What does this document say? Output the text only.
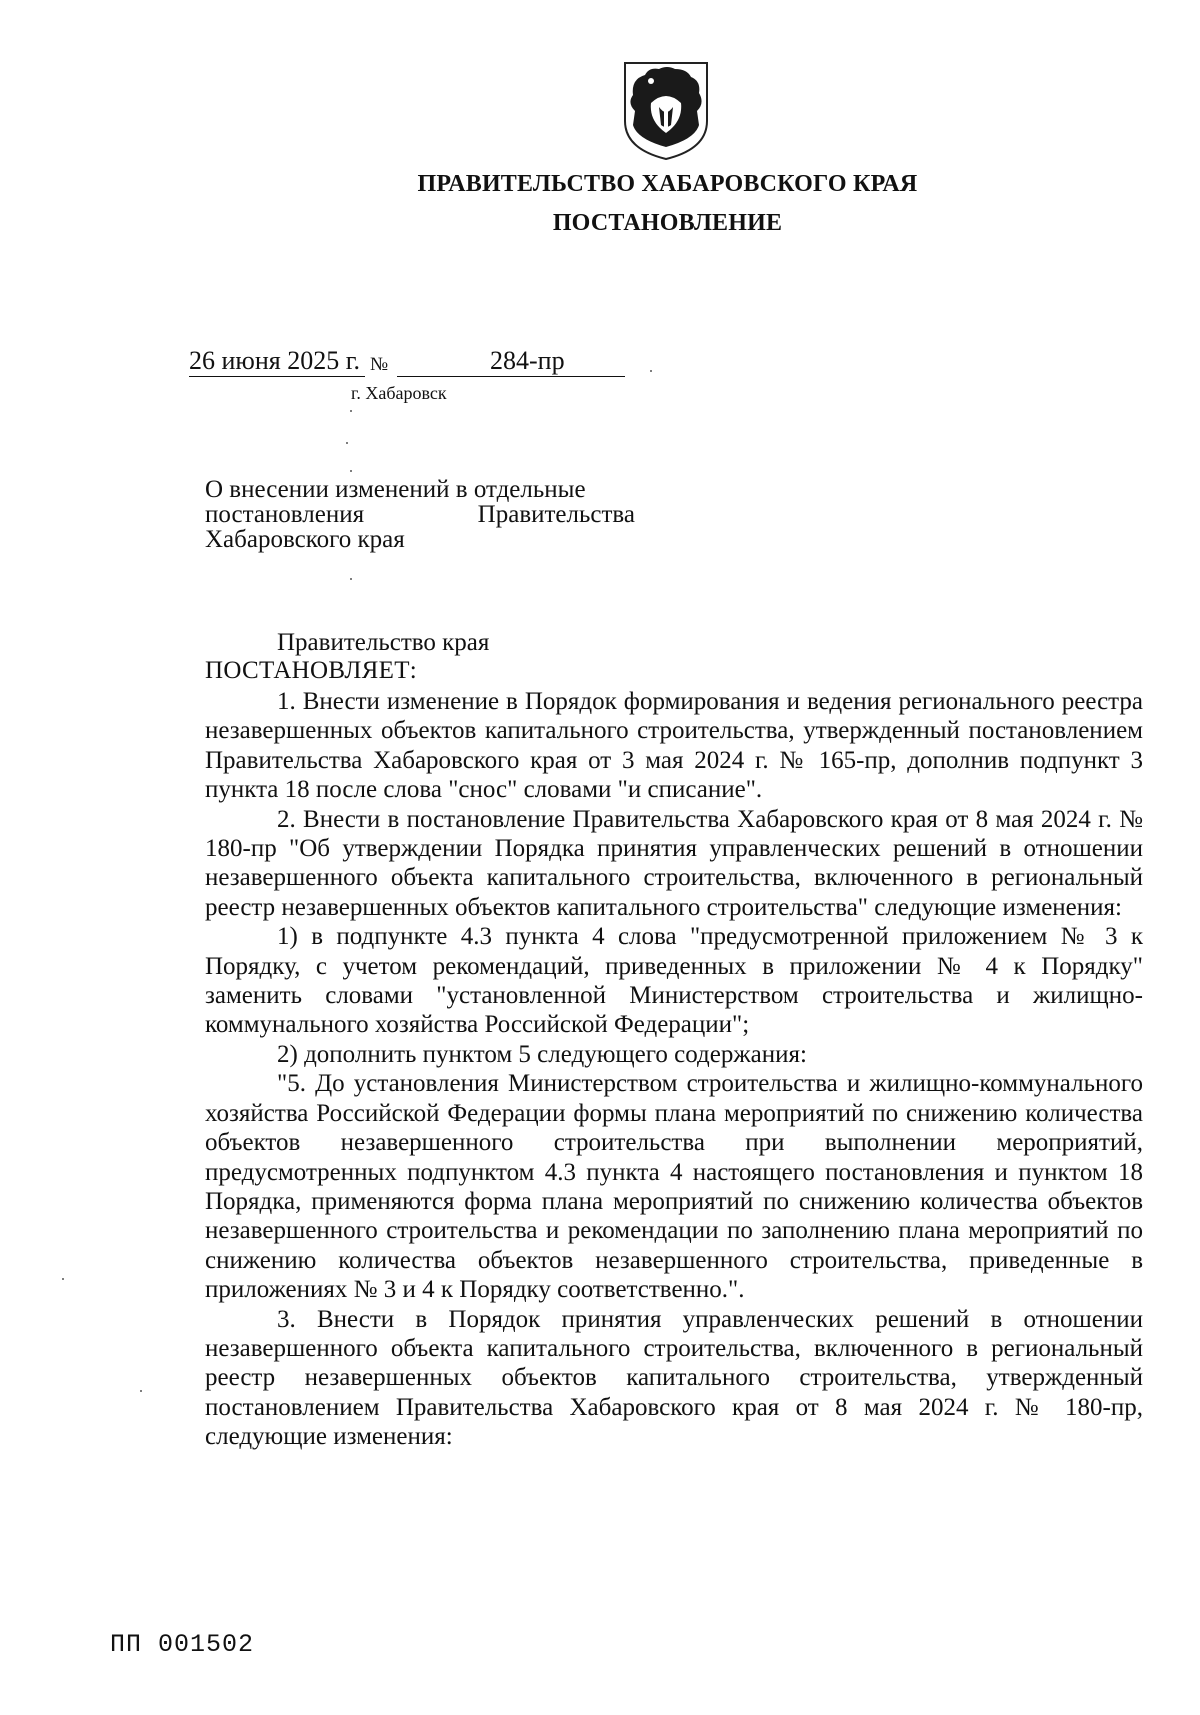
ПРАВИТЕЛЬСТВО ХАБАРОВСКОГО КРАЯ
ПОСТАНОВЛЕНИЕ
26 июня 2025 г. №	284-пр
г. Хабаровск
О внесении изменений в отдельные
постановления	Правительства
Хабаровского края
Правительство края
ПОСТАНОВЛЯЕТ:

1. Внести изменение в Порядок формирования и ведения регионального реестра незавершенных объектов капитального строительства, утвержденный постановлением Правительства Хабаровского края от 3 мая 2024 г. № 165-пр, дополнив подпункт 3 пункта 18 после слова "снос" словами "и списание".

2. Внести в постановление Правительства Хабаровского края от 8 мая 2024 г. № 180-пр "Об утверждении Порядка принятия управленческих решений в отношении незавершенного объекта капитального строительства, включенного в региональный реестр незавершенных объектов капитального строительства" следующие изменения:

1) в подпункте 4.3 пункта 4 слова "предусмотренной приложением № 3 к Порядку, с учетом рекомендаций, приведенных в приложении № 4 к Порядку" заменить словами "установленной Министерством строительства и жилищно-коммунального хозяйства Российской Федерации";

2) дополнить пунктом 5 следующего содержания:

"5. До установления Министерством строительства и жилищно-коммунального хозяйства Российской Федерации формы плана мероприятий по снижению количества объектов незавершенного строительства при выполнении мероприятий, предусмотренных подпунктом 4.3 пункта 4 настоящего постановления и пунктом 18 Порядка, применяются форма плана мероприятий по снижению количества объектов незавершенного строительства и рекомендации по заполнению плана мероприятий по снижению количества объектов незавершенного строительства, приведенные в приложениях № 3 и 4 к Порядку соответственно.".

3. Внести в Порядок принятия управленческих решений в отношении незавершенного объекта капитального строительства, включенного в региональный реестр незавершенных объектов капитального строительства, утвержденный постановлением Правительства Хабаровского края от 8 мая 2024 г. № 180-пр, следующие изменения:

ПП 001502
